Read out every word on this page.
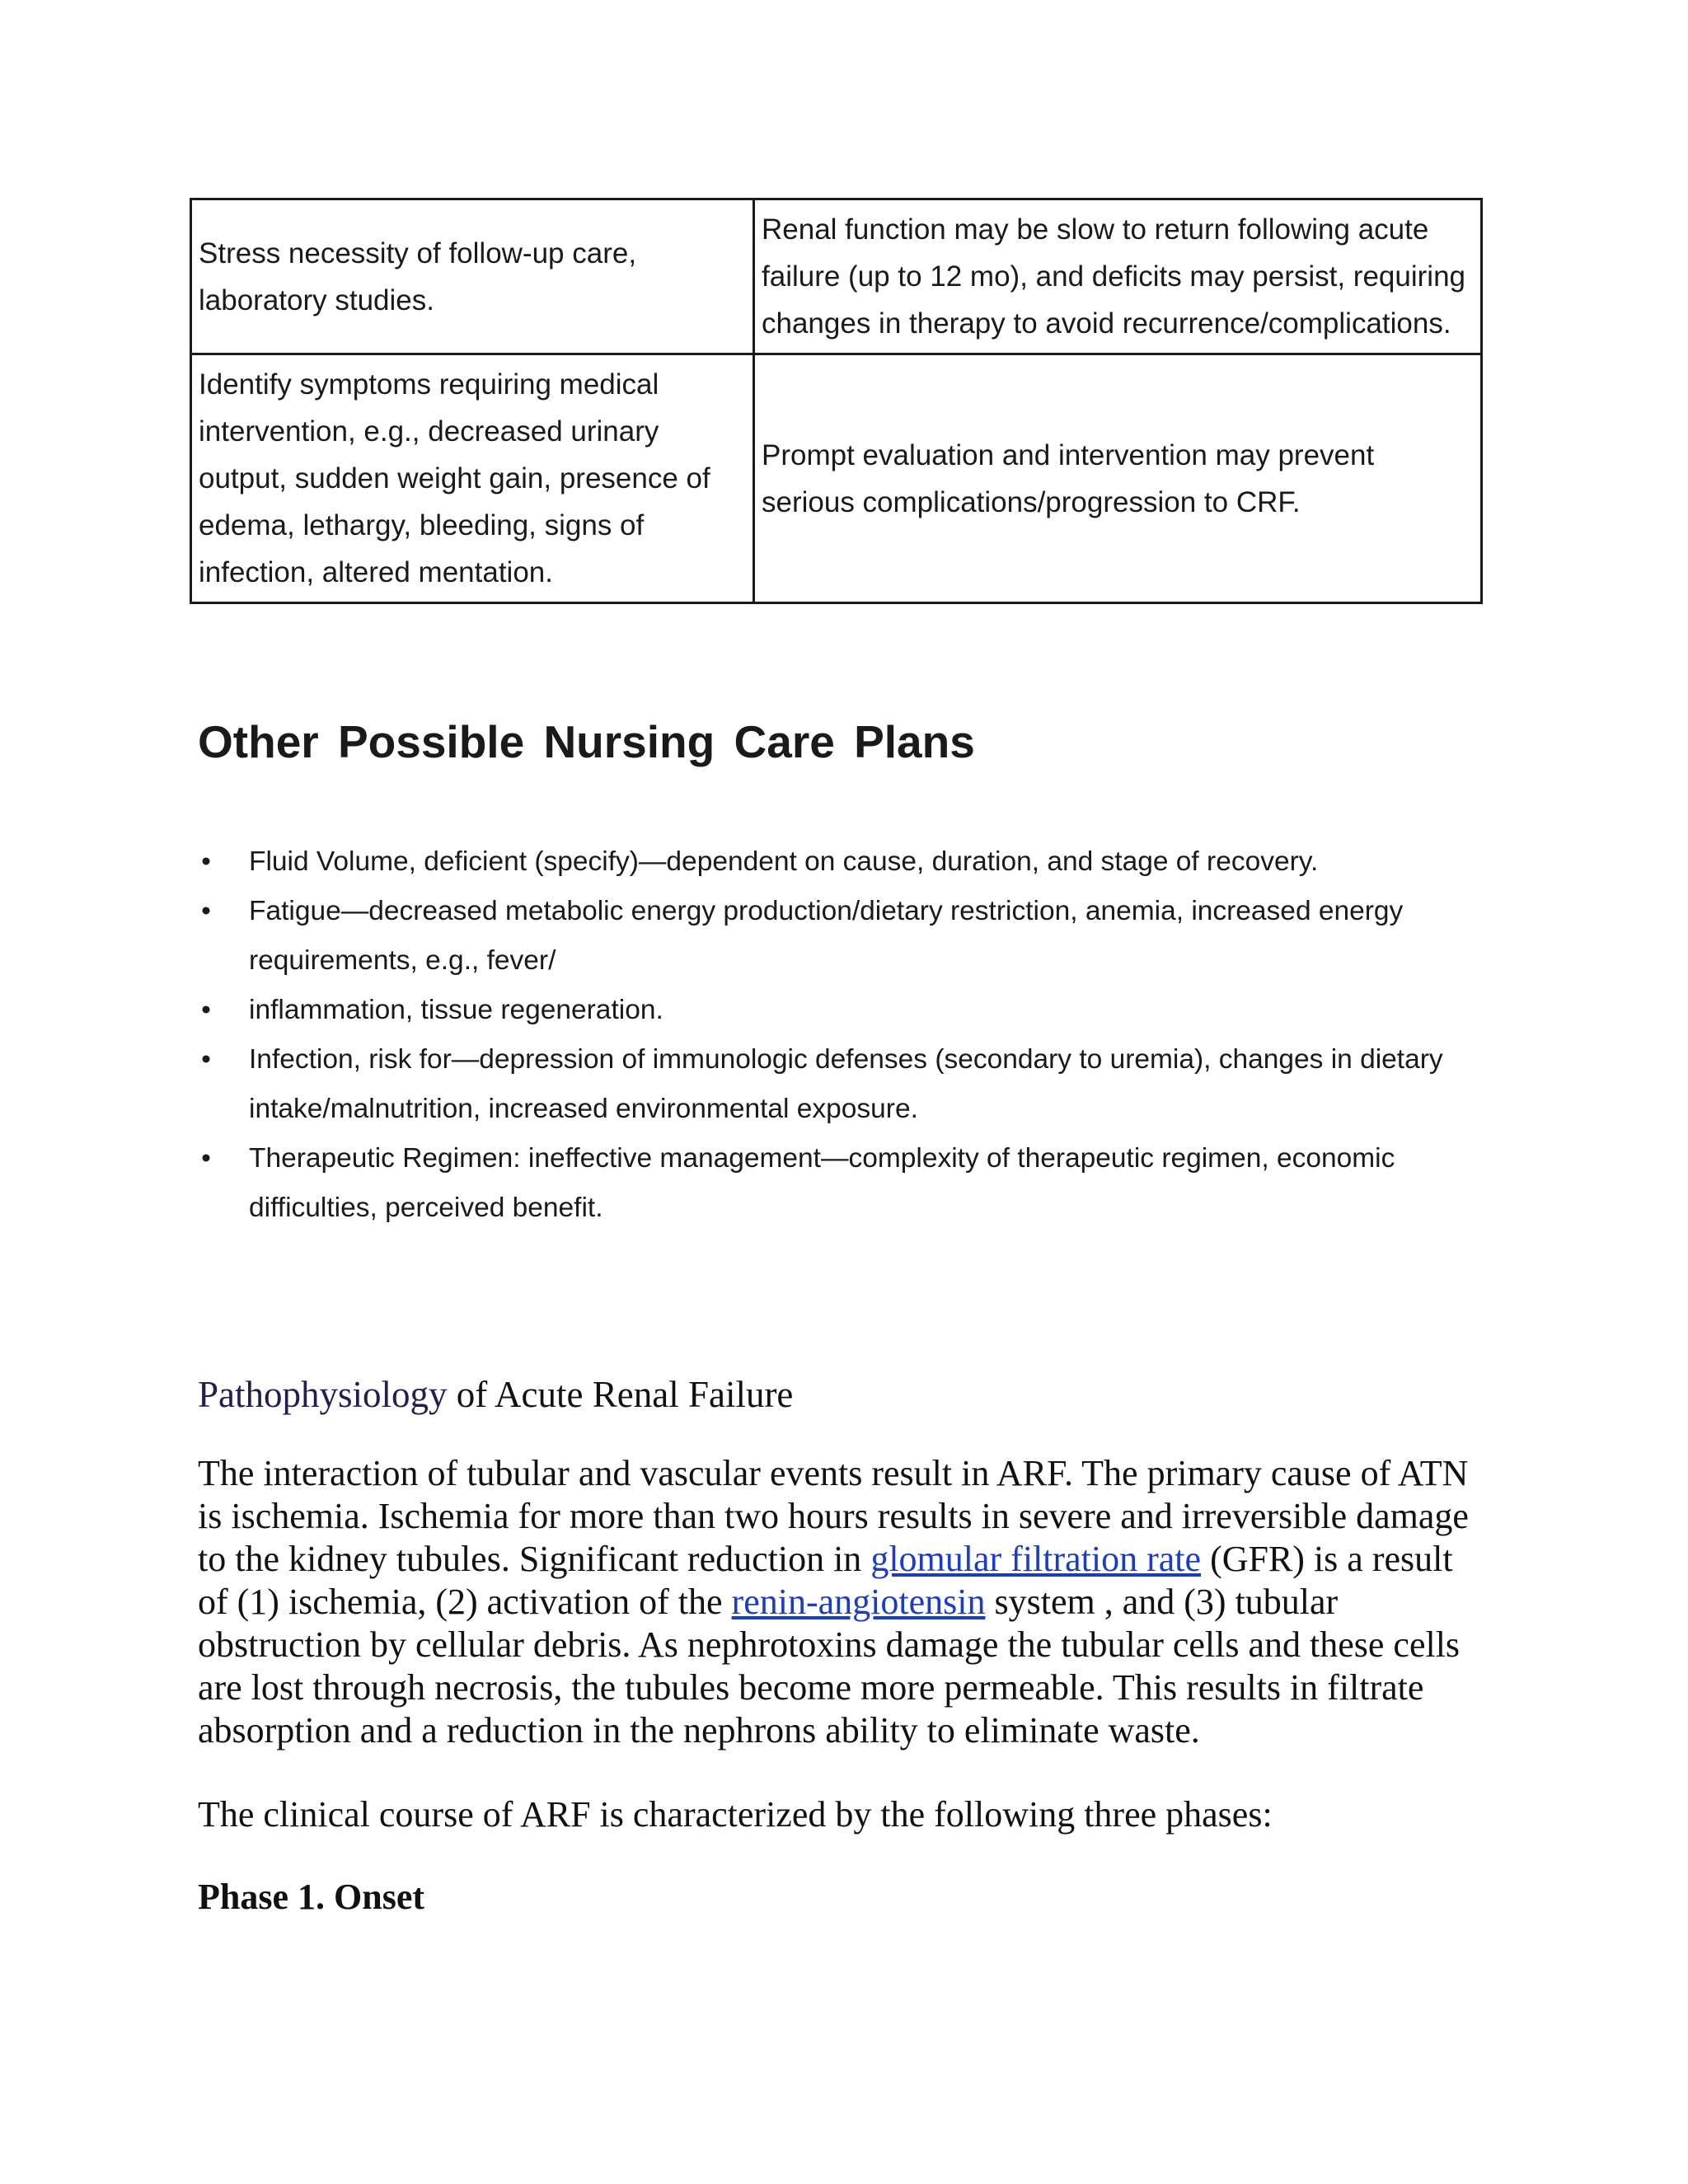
Stress necessity of follow-up care, laboratory studies.	Renal function may be slow to return following acute failure (up to 12 mo), and deficits may persist, requiring changes in therapy to avoid recurrence/complications.
Identify symptoms requiring medical intervention, e.g., decreased urinary output, sudden weight gain, presence of edema, lethargy, bleeding, signs of infection, altered mentation.	Prompt evaluation and intervention may prevent serious complications/progression to CRF.
Other Possible Nursing Care Plans
• Fluid Volume, deficient (specify)—dependent on cause, duration, and stage of recovery.
• Fatigue—decreased metabolic energy production/dietary restriction, anemia, increased energy requirements, e.g., fever/
• inflammation, tissue regeneration.
• Infection, risk for—depression of immunologic defenses (secondary to uremia), changes in dietary intake/malnutrition, increased environmental exposure.
• Therapeutic Regimen: ineffective management—complexity of therapeutic regimen, economic difficulties, perceived benefit.
Pathophysiology of Acute Renal Failure

The interaction of tubular and vascular events result in ARF. The primary cause of ATN is ischemia. Ischemia for more than two hours results in severe and irreversible damage to the kidney tubules. Significant reduction in glomular filtration rate (GFR) is a result of (1) ischemia, (2) activation of the renin-angiotensin system , and (3) tubular obstruction by cellular debris. As nephrotoxins damage the tubular cells and these cells are lost through necrosis, the tubules become more permeable. This results in filtrate absorption and a reduction in the nephrons ability to eliminate waste.

The clinical course of ARF is characterized by the following three phases:

Phase 1. Onset
